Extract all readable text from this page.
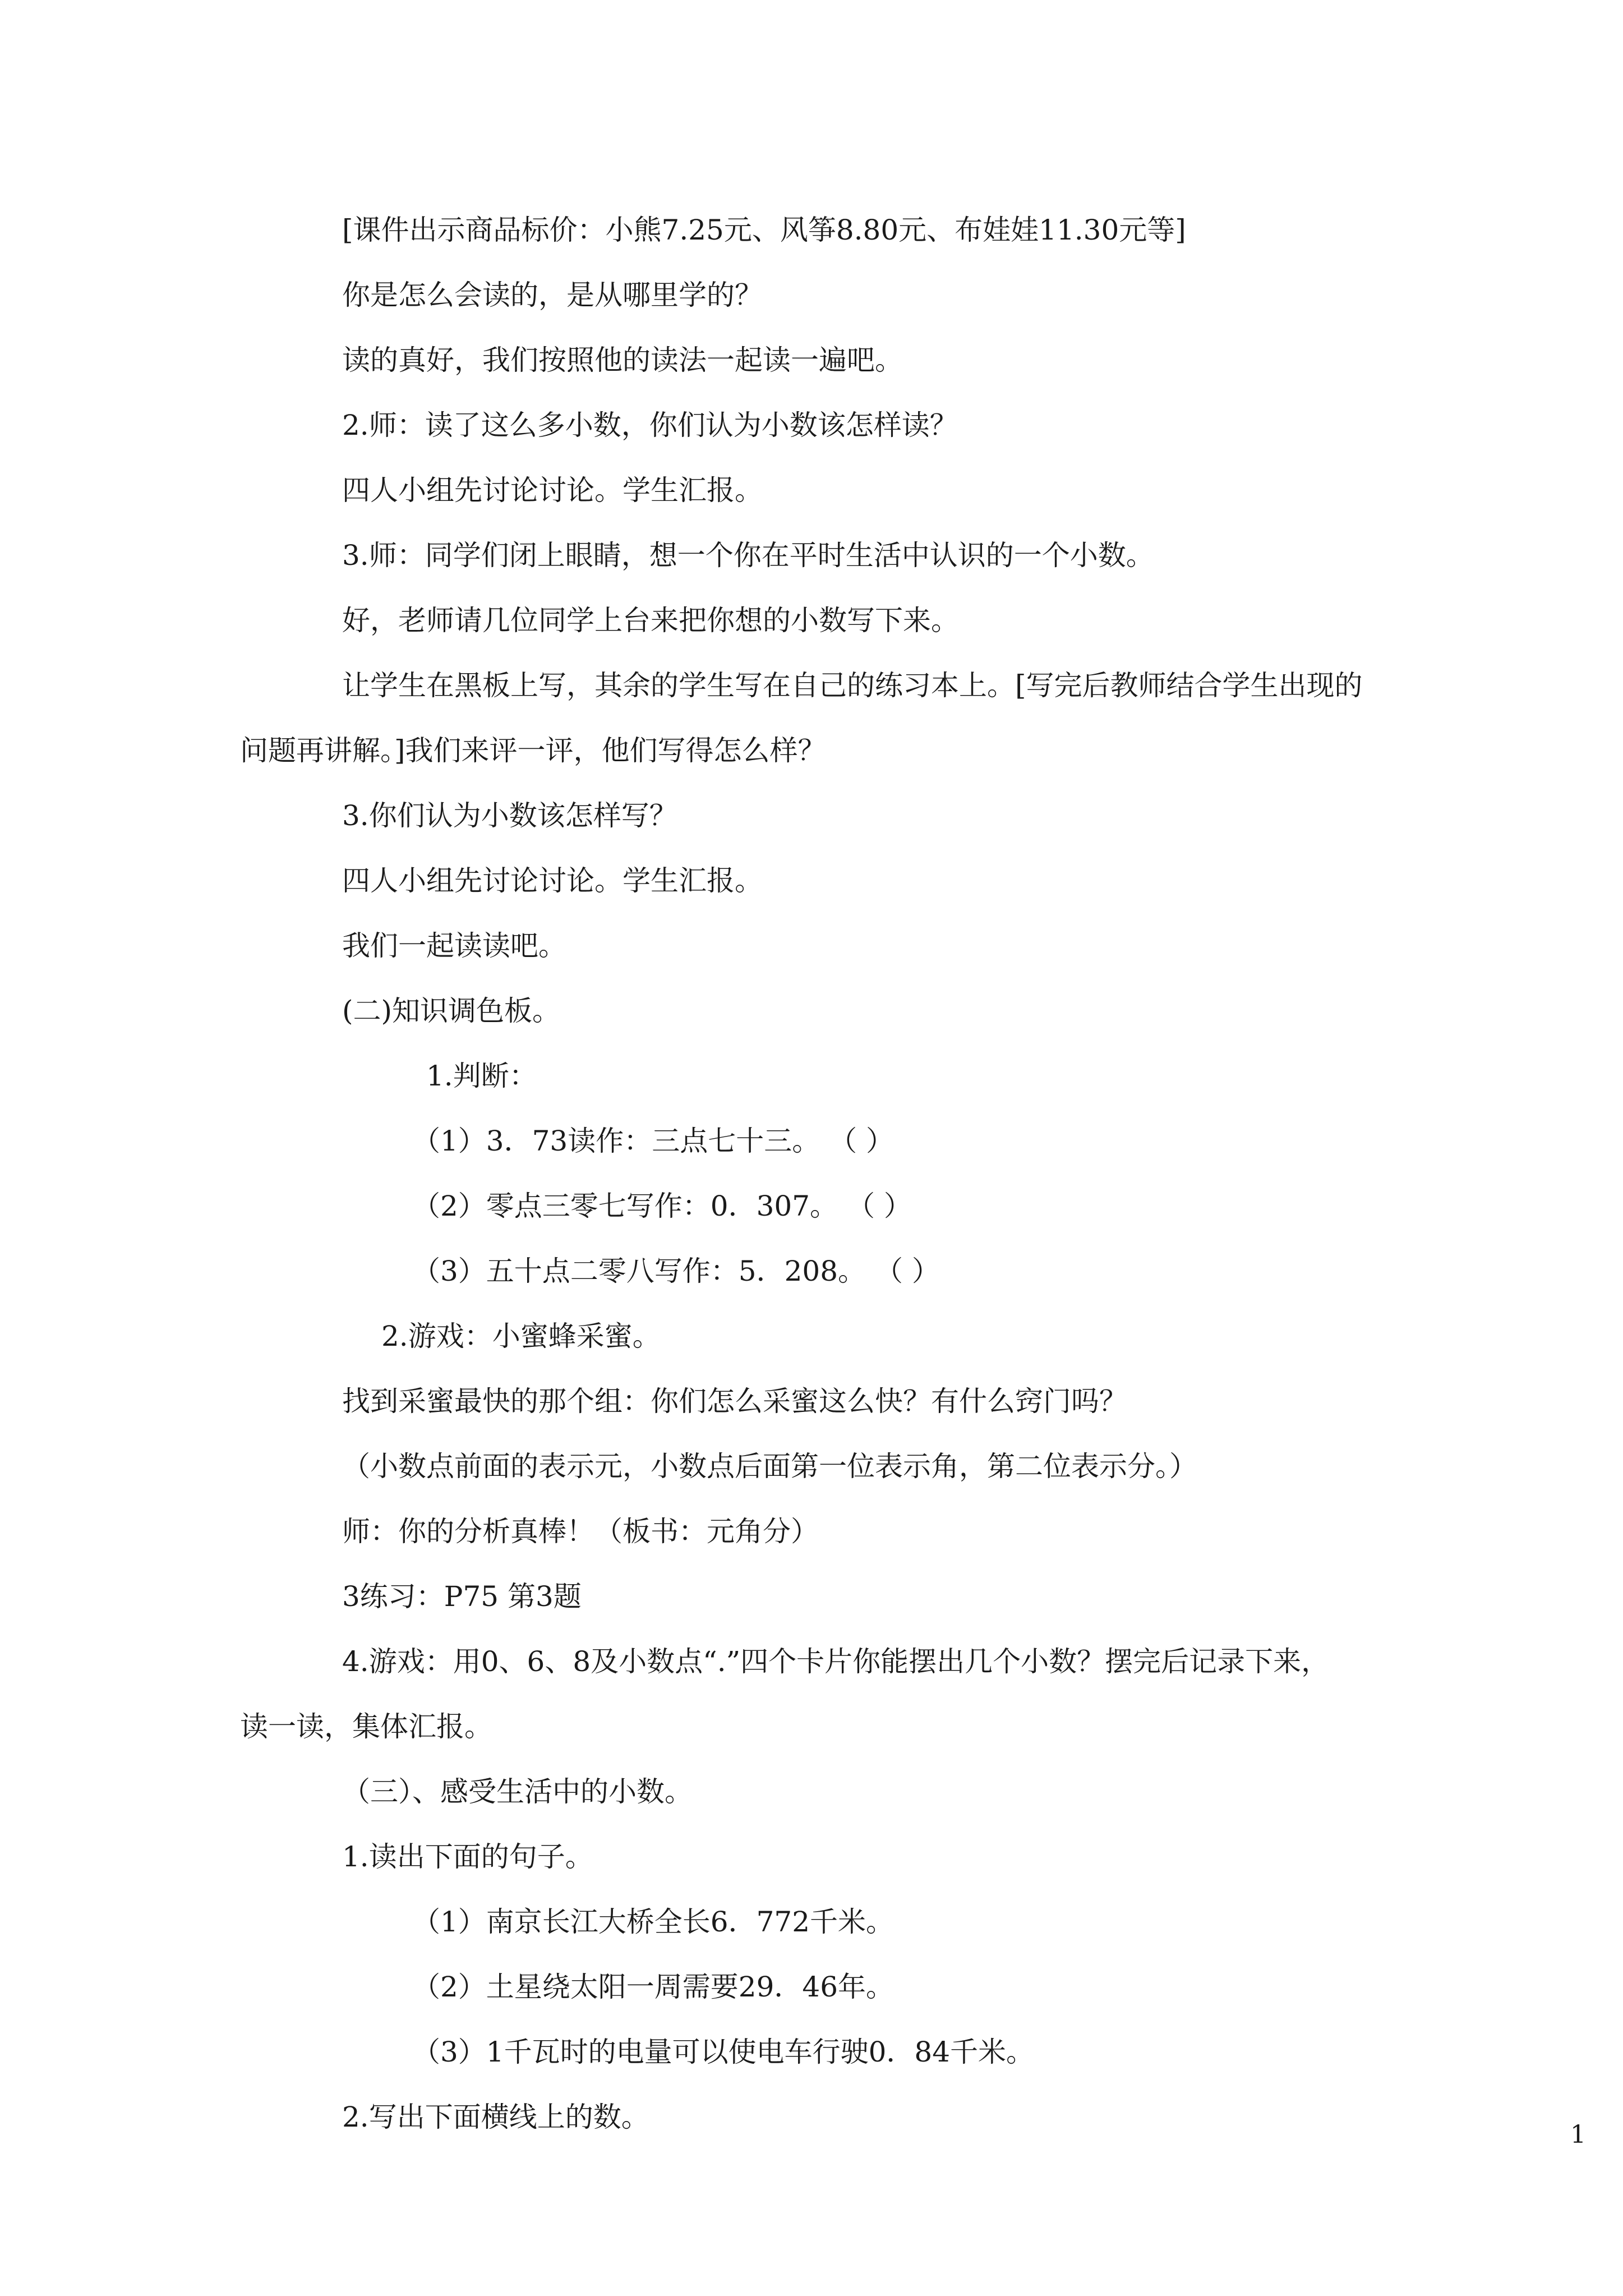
[课件出示商品标价：小熊7.25元、风筝8.80元、布娃娃11.30元等]
你是怎么会读的，是从哪里学的？
读的真好，我们按照他的读法一起读一遍吧。
2.师：读了这么多小数，你们认为小数该怎样读？
四人小组先讨论讨论。学生汇报。
3.师：同学们闭上眼睛，想一个你在平时生活中认识的一个小数。
好，老师请几位同学上台来把你想的小数写下来。
让学生在黑板上写，其余的学生写在自己的练习本上。[写完后教师结合学生出现的
问题再讲解。]我们来评一评，他们写得怎么样？
3.你们认为小数该怎样写？
四人小组先讨论讨论。学生汇报。
我们一起读读吧。
(二)知识调色板。
1.判断：
（1）3．73读作：三点七十三。 （ ）
（2）零点三零七写作：0．307。 （ ）
（3）五十点二零八写作：5．208。 （ ）
2.游戏：小蜜蜂采蜜。
找到采蜜最快的那个组：你们怎么采蜜这么快？有什么窍门吗？
（小数点前面的表示元，小数点后面第一位表示角，第二位表示分。）
师：你的分析真棒！（板书：元角分）
3练习：P75 第3题
4.游戏：用0、6、8及小数点“.”四个卡片你能摆出几个小数？摆完后记录下来，
读一读，集体汇报。
（三）、感受生活中的小数。
1.读出下面的句子。
（1）南京长江大桥全长6．772千米。
（2）土星绕太阳一周需要29．46年。
（3）1千瓦时的电量可以使电车行驶0．84千米。
2.写出下面横线上的数。
1
